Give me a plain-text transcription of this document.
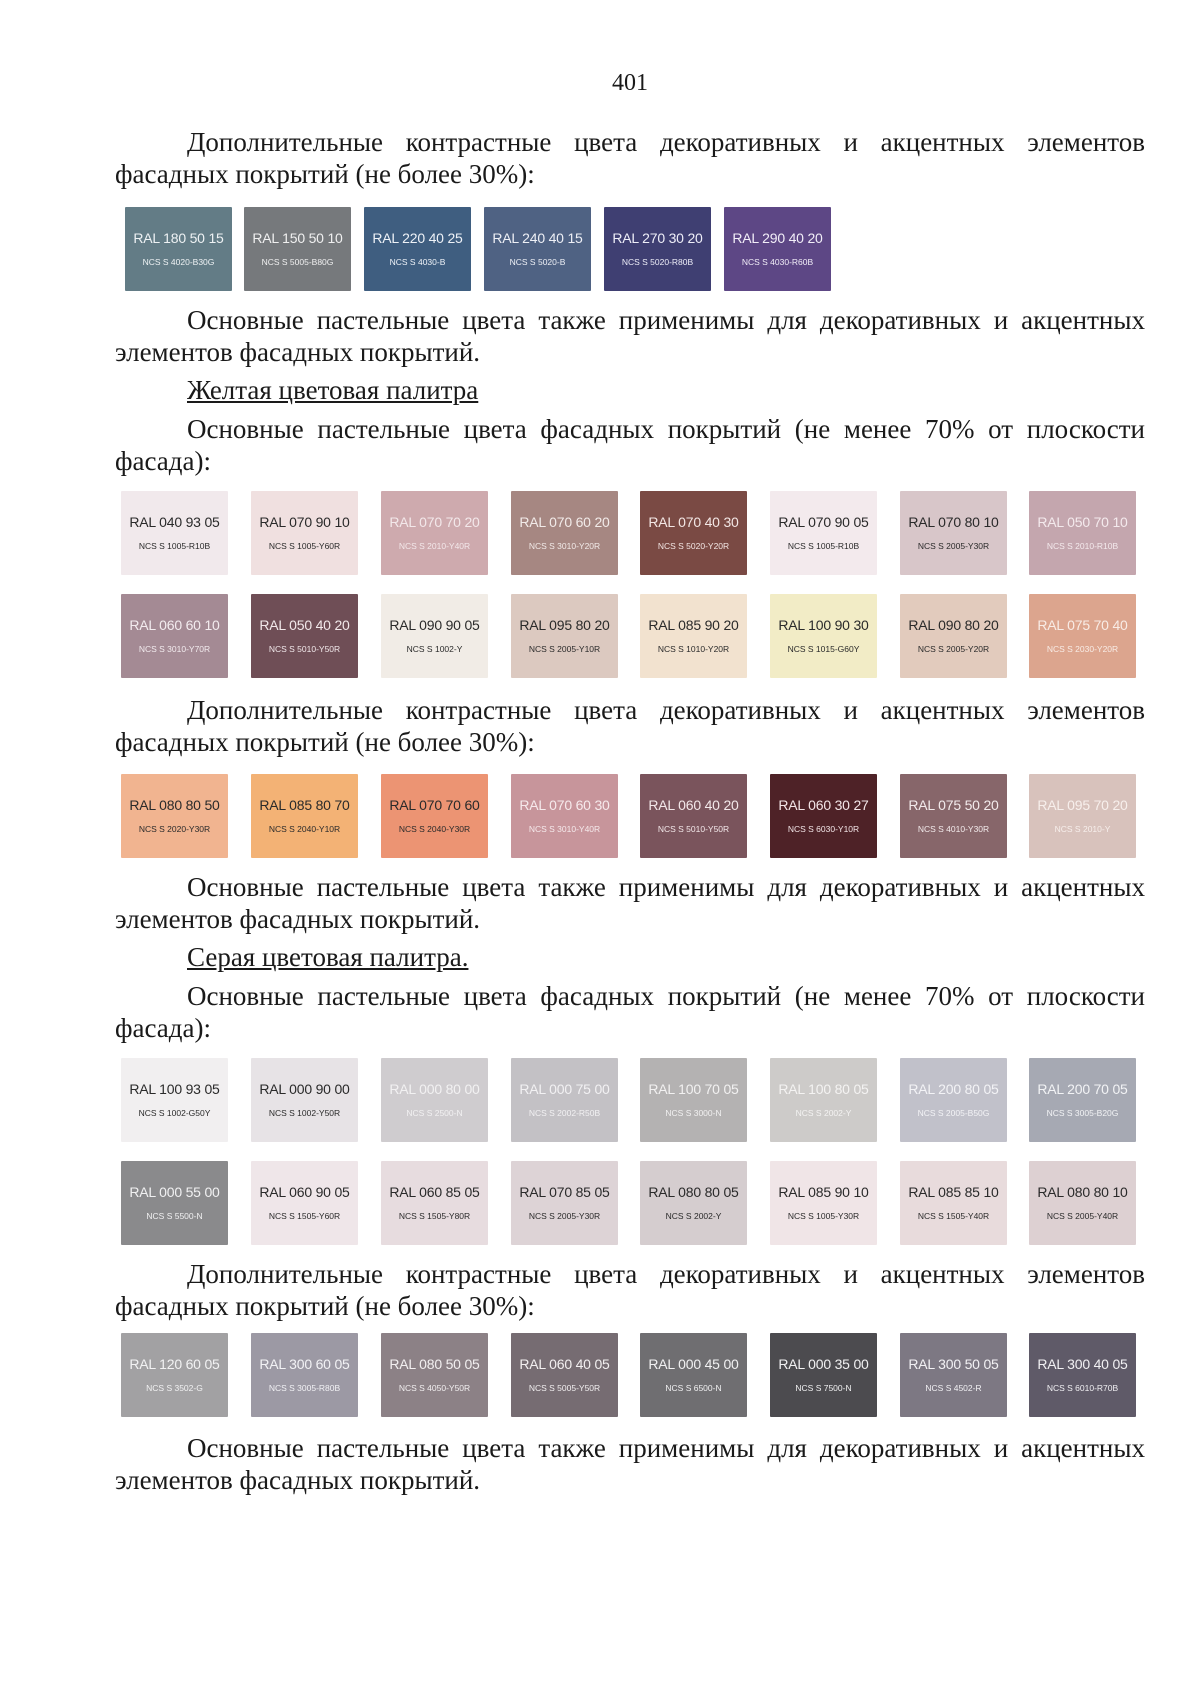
401

Дополнительные контрастные цвета декоративных и акцентных элементов фасадных покрытий (не более 30%):

RAL 180 50 15
NCS S 4020-B30G
RAL 150 50 10
NCS S 5005-B80G
RAL 220 40 25
NCS S 4030-B
RAL 240 40 15
NCS S 5020-B
RAL 270 30 20
NCS S 5020-R80B
RAL 290 40 20
NCS S 4030-R60B

Основные пастельные цвета также применимы для декоративных и акцентных элементов фасадных покрытий.

Желтая цветовая палитра

Основные пастельные цвета фасадных покрытий (не менее 70% от плоскости фасада):

RAL 040 93 05
NCS S 1005-R10B
RAL 070 90 10
NCS S 1005-Y60R
RAL 070 70 20
NCS S 2010-Y40R
RAL 070 60 20
NCS S 3010-Y20R
RAL 070 40 30
NCS S 5020-Y20R
RAL 070 90 05
NCS S 1005-R10B
RAL 070 80 10
NCS S 2005-Y30R
RAL 050 70 10
NCS S 2010-R10B
RAL 060 60 10
NCS S 3010-Y70R
RAL 050 40 20
NCS S 5010-Y50R
RAL 090 90 05
NCS S 1002-Y
RAL 095 80 20
NCS S 2005-Y10R
RAL 085 90 20
NCS S 1010-Y20R
RAL 100 90 30
NCS S 1015-G60Y
RAL 090 80 20
NCS S 2005-Y20R
RAL 075 70 40
NCS S 2030-Y20R

Дополнительные контрастные цвета декоративных и акцентных элементов фасадных покрытий (не более 30%):

RAL 080 80 50
NCS S 2020-Y30R
RAL 085 80 70
NCS S 2040-Y10R
RAL 070 70 60
NCS S 2040-Y30R
RAL 070 60 30
NCS S 3010-Y40R
RAL 060 40 20
NCS S 5010-Y50R
RAL 060 30 27
NCS S 6030-Y10R
RAL 075 50 20
NCS S 4010-Y30R
RAL 095 70 20
NCS S 2010-Y

Основные пастельные цвета также применимы для декоративных и акцентных элементов фасадных покрытий.

Серая цветовая палитра.

Основные пастельные цвета фасадных покрытий (не менее 70% от плоскости фасада):

RAL 100 93 05
NCS S 1002-G50Y
RAL 000 90 00
NCS S 1002-Y50R
RAL 000 80 00
NCS S 2500-N
RAL 000 75 00
NCS S 2002-R50B
RAL 100 70 05
NCS S 3000-N
RAL 100 80 05
NCS S 2002-Y
RAL 200 80 05
NCS S 2005-B50G
RAL 200 70 05
NCS S 3005-B20G
RAL 000 55 00
NCS S 5500-N
RAL 060 90 05
NCS S 1505-Y60R
RAL 060 85 05
NCS S 1505-Y80R
RAL 070 85 05
NCS S 2005-Y30R
RAL 080 80 05
NCS S 2002-Y
RAL 085 90 10
NCS S 1005-Y30R
RAL 085 85 10
NCS S 1505-Y40R
RAL 080 80 10
NCS S 2005-Y40R

Дополнительные контрастные цвета декоративных и акцентных элементов фасадных покрытий (не более 30%):

RAL 120 60 05
NCS S 3502-G
RAL 300 60 05
NCS S 3005-R80B
RAL 080 50 05
NCS S 4050-Y50R
RAL 060 40 05
NCS S 5005-Y50R
RAL 000 45 00
NCS S 6500-N
RAL 000 35 00
NCS S 7500-N
RAL 300 50 05
NCS S 4502-R
RAL 300 40 05
NCS S 6010-R70B

Основные пастельные цвета также применимы для декоративных и акцентных элементов фасадных покрытий.
